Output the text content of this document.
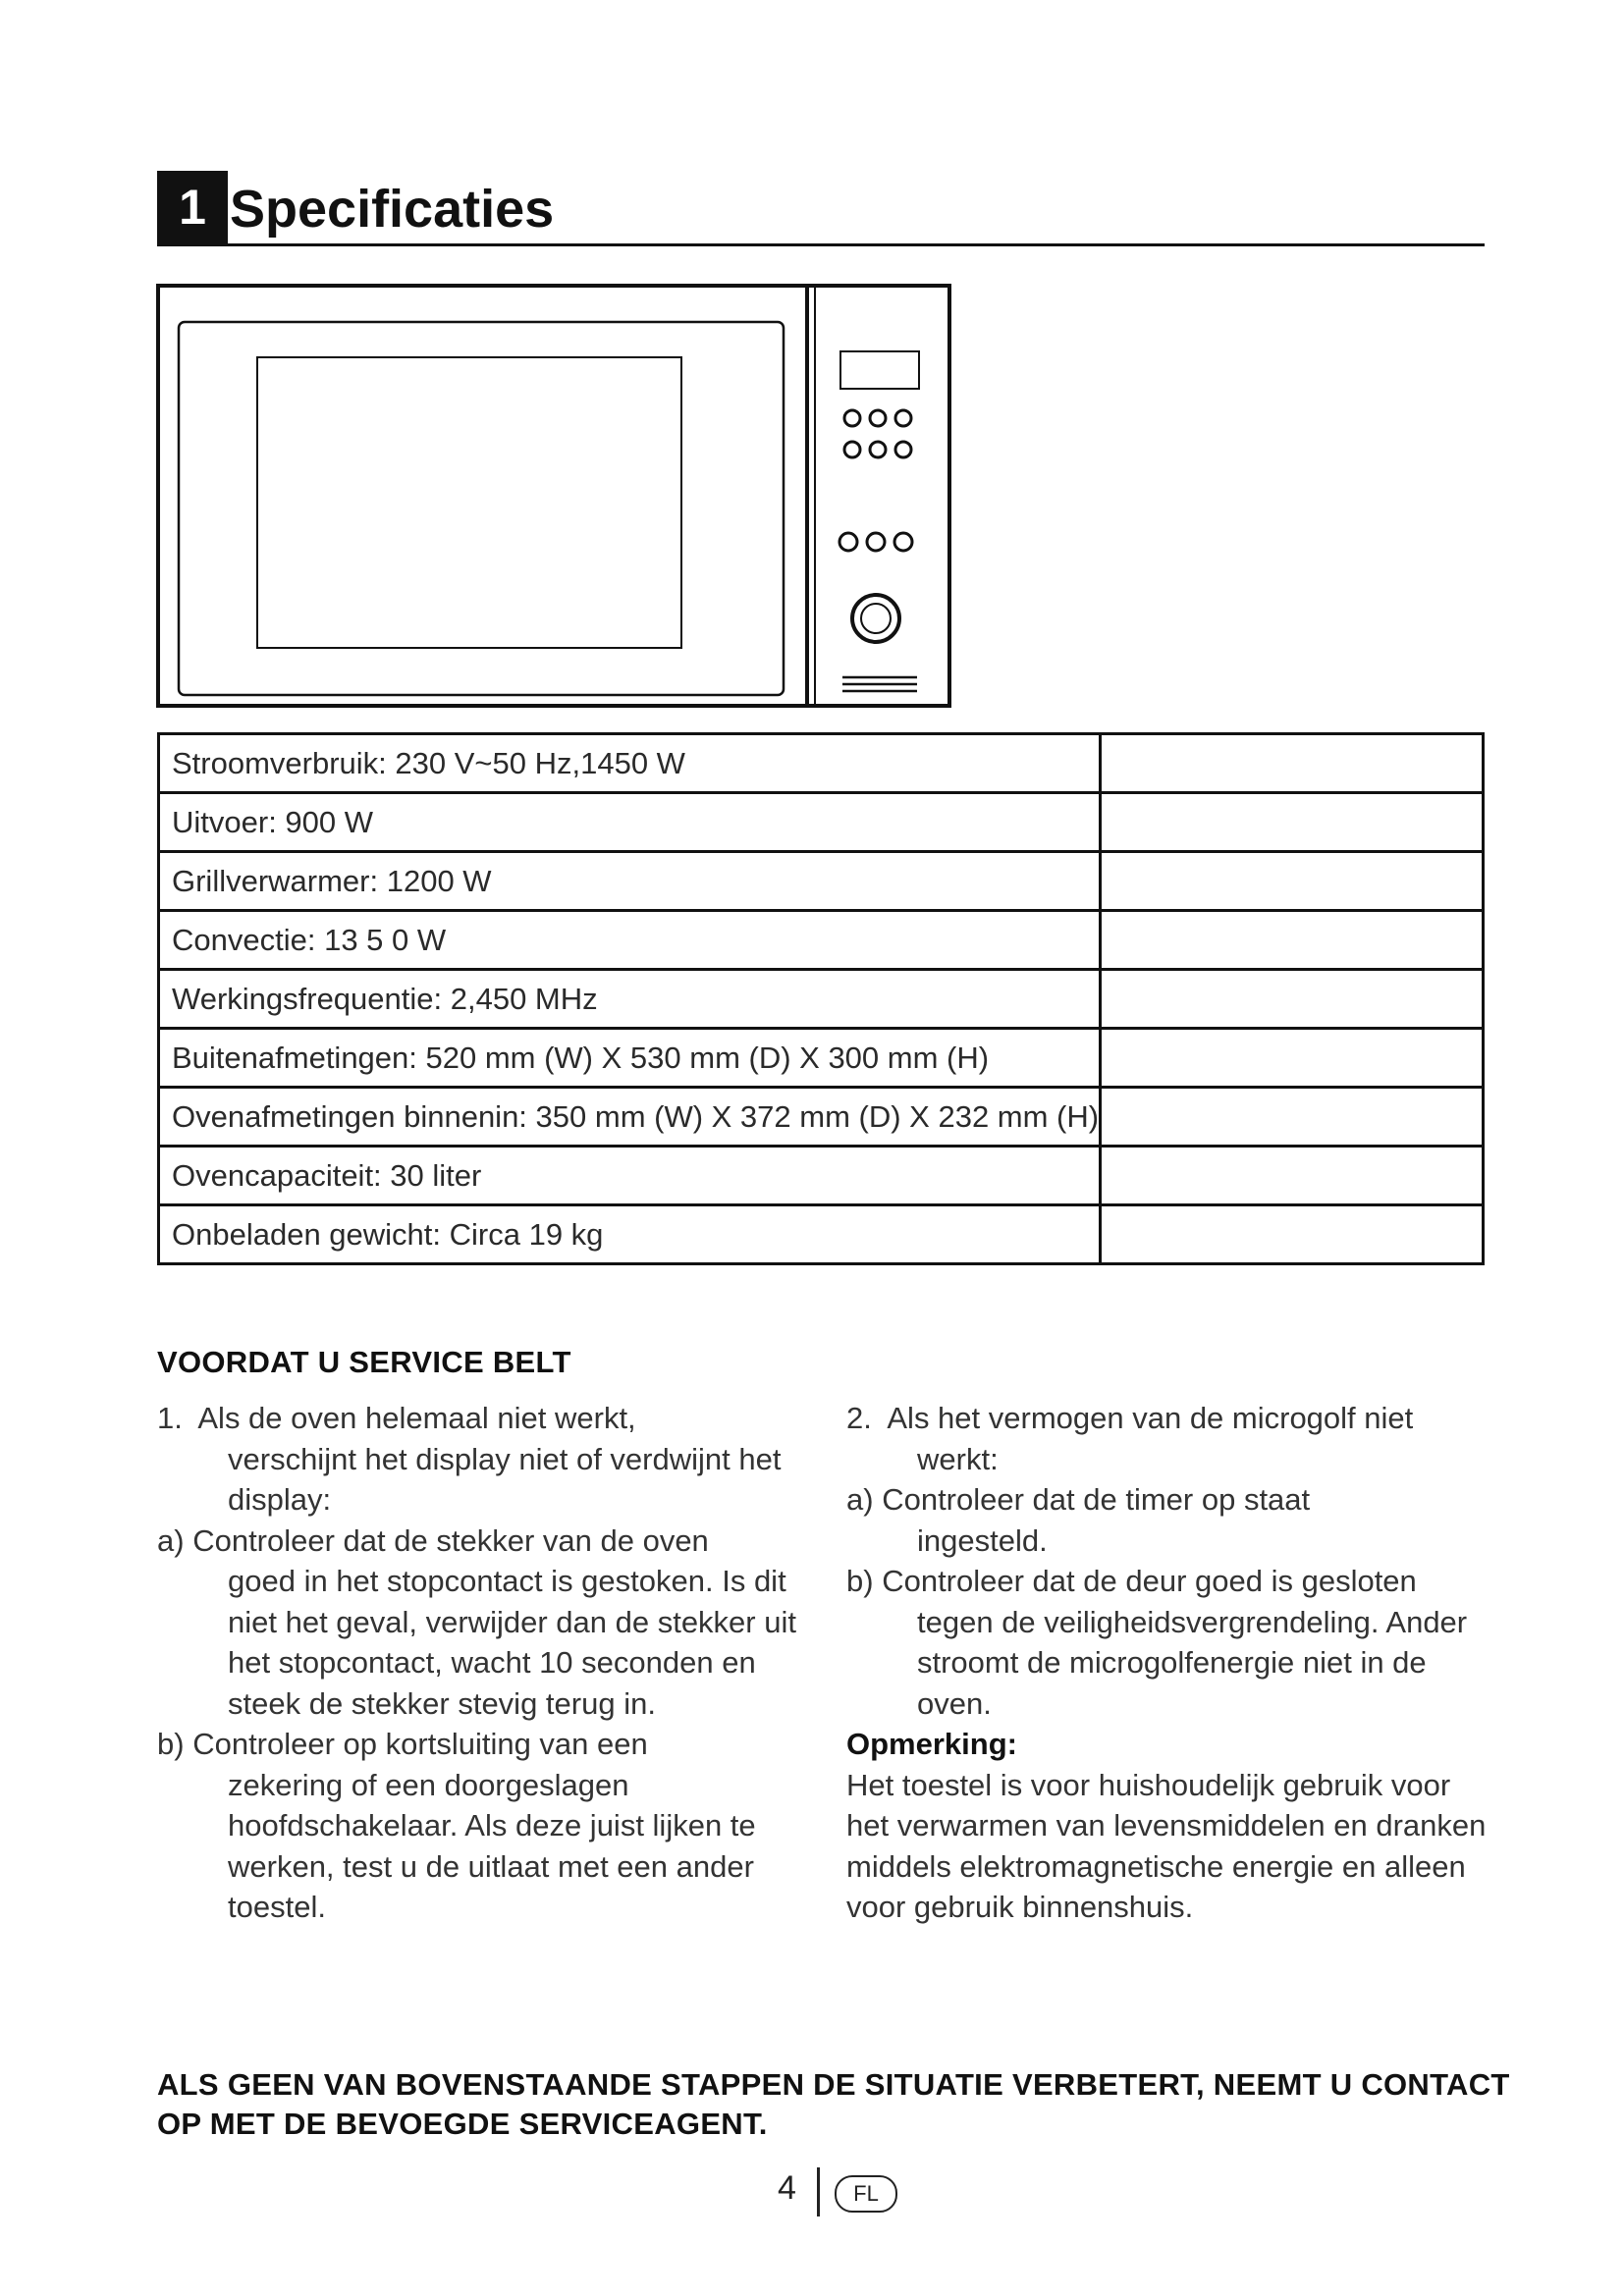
1 Specificaties
Stroomverbruik: 230 V~50 Hz,1450 W	
Uitvoer: 900 W	
Grillverwarmer: 1200 W	
Convectie: 13 5 0 W	
Werkingsfrequentie: 2,450 MHz	
Buitenafmetingen: 520 mm (W) X 530 mm (D) X 300 mm (H)	
Ovenafmetingen binnenin: 350 mm (W) X 372 mm (D) X 232 mm (H)	
Ovencapaciteit: 30 liter	
Onbeladen gewicht: Circa 19 kg	
VOORDAT U SERVICE BELT

1. Als de oven helemaal niet werkt,

verschijnt het display niet of verdwijnt het display:

a) Controleer dat de stekker van de oven

goed in het stopcontact is gestoken. Is dit niet het geval, verwijder dan de stekker uit het stopcontact, wacht 10 seconden en steek de stekker stevig terug in.

b) Controleer op kortsluiting van een

zekering of een doorgeslagen hoofdschakelaar. Als deze juist lijken te werken, test u de uitlaat met een ander toestel.

2. Als het vermogen van de microgolf niet

werkt:

a) Controleer dat de timer op staat

ingesteld.

b) Controleer dat de deur goed is gesloten

tegen de veiligheidsvergrendeling. Ander stroomt de microgolfenergie niet in de oven.

Opmerking:

Het toestel is voor huishoudelijk gebruik voor het verwarmen van levensmiddelen en dranken middels elektromagnetische energie en alleen voor gebruik binnenshuis.

ALS GEEN VAN BOVENSTAANDE STAPPEN DE SITUATIE VERBETERT, NEEMT U CONTACT OP MET DE BEVOEGDE SERVICEAGENT.
4	FL
